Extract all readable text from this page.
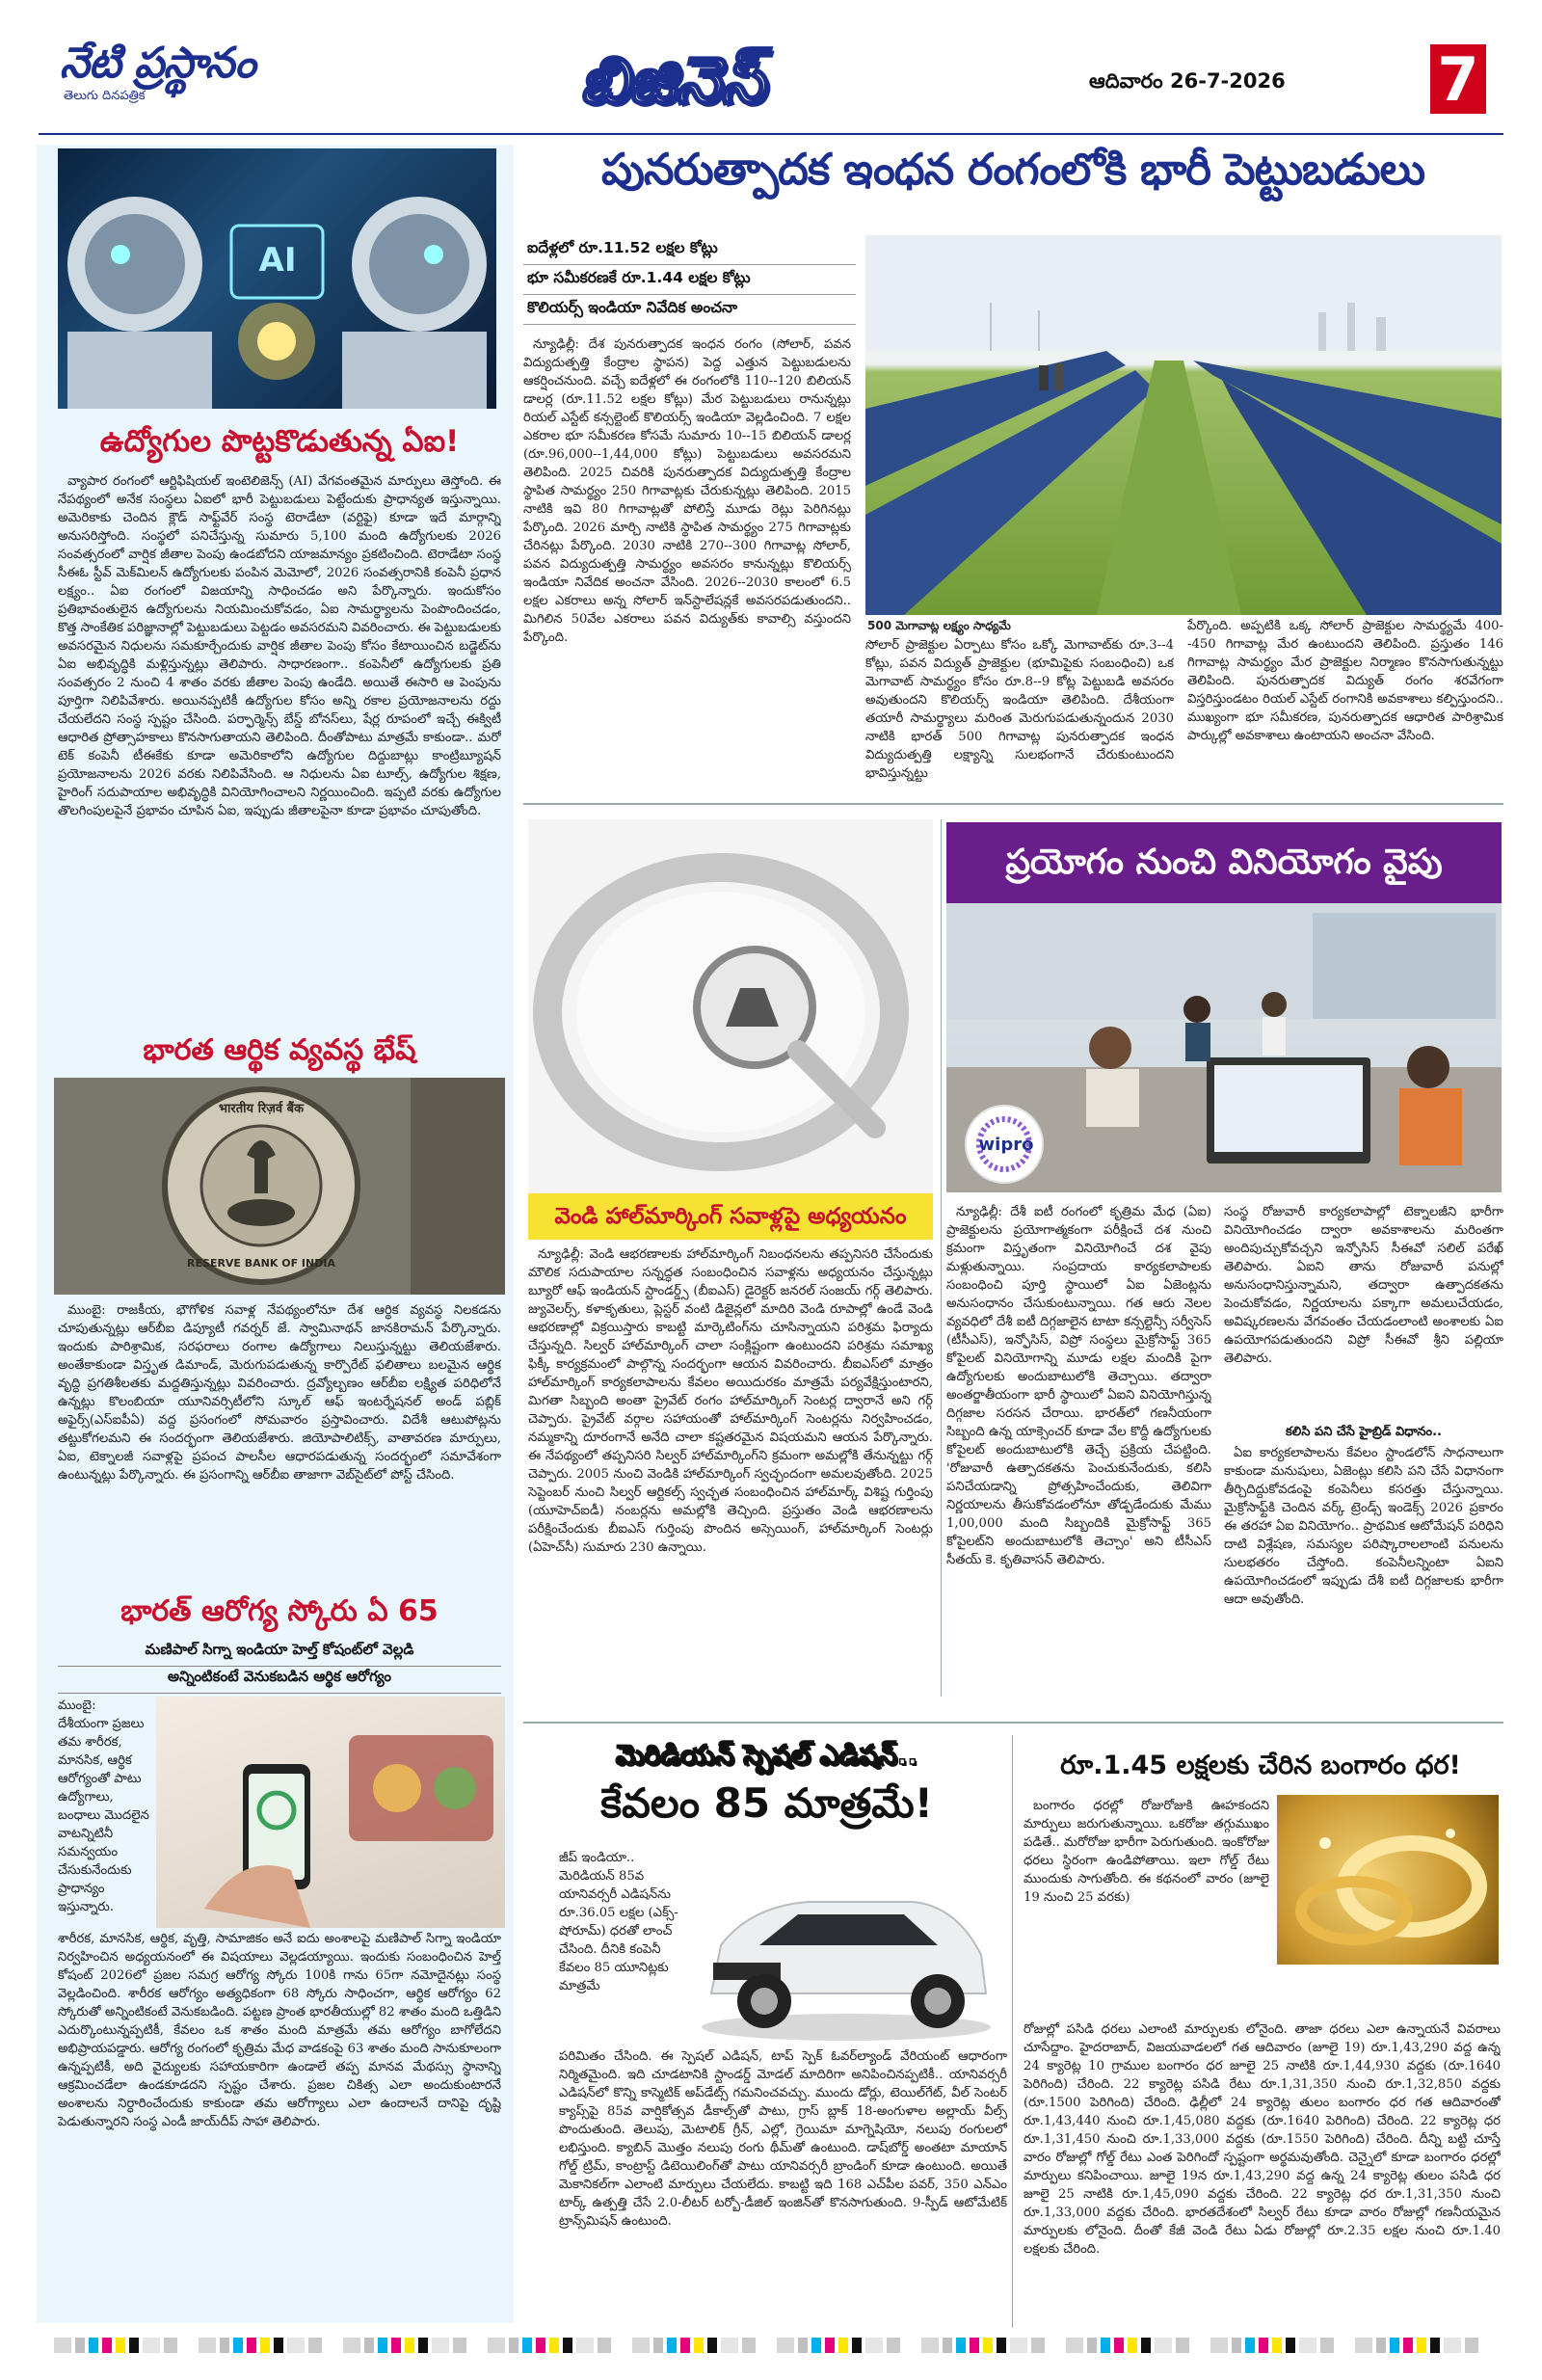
నేటి ప్రస్థానం
తెలుగు దినపత్రిక	బిజినెస్	ఆదివారం 26-7-2026	7
AI
ఉద్యోగుల పొట్టకొడుతున్న ఏఐ!

వ్యాపార రంగంలో ఆర్టిఫిషియల్ ఇంటెలిజెన్స్ (AI) వేగవంతమైన మార్పులు తెస్తోంది. ఈ నేపథ్యంలో అనేక సంస్థలు ఏఐలో భారీ పెట్టుబడులు పెట్టేందుకు ప్రాధాన్యత ఇస్తున్నాయి. అమెరికాకు చెందిన క్లౌడ్ సాఫ్ట్‌వేర్ సంస్థ టెరాడేటా (వర్టిఫై) కూడా ఇదే మార్గాన్ని అనుసరిస్తోంది. సంస్థలో పనిచేస్తున్న సుమారు 5,100 మంది ఉద్యోగులకు 2026 సంవత్సరంలో వార్షిక జీతాల పెంపు ఉండబోదని యాజమాన్యం ప్రకటించింది. టెరాడేటా సంస్థ సీఈఓ స్టీవ్ మెక్‌మిలన్ ఉద్యోగులకు పంపిన మెమోలో, 2026 సంవత్సరానికి కంపెనీ ప్రధాన లక్ష్యం.. ఏఐ రంగంలో విజయాన్ని సాధించడం అని పేర్కొన్నారు. ఇందుకోసం ప్రతిభావంతులైన ఉద్యోగులను నియమించుకోవడం, ఏఐ సామర్థ్యాలను పెంపొందించడం, కొత్త సాంకేతిక పరిజ్ఞానాల్లో పెట్టుబడులు పెట్టడం అవసరమని వివరించారు. ఈ పెట్టుబడులకు అవసరమైన నిధులను సమకూర్చేందుకు వార్షిక జీతాల పెంపు కోసం కేటాయించిన బడ్జెట్‌ను ఏఐ అభివృద్ధికి మళ్లిస్తున్నట్లు తెలిపారు. సాధారణంగా.. కంపెనీలో ఉద్యోగులకు ప్రతి సంవత్సరం 2 నుంచి 4 శాతం వరకు జీతాల పెంపు ఉండేది. అయితే ఈసారి ఆ పెంపును పూర్తిగా నిలిపివేశారు. అయినప్పటికీ ఉద్యోగుల కోసం అన్ని రకాల ప్రయోజనాలను రద్దు చేయలేదని సంస్థ స్పష్టం చేసింది. పర్ఫార్మెన్స్ బేస్డ్ బోనస్‌లు, షేర్ల రూపంలో ఇచ్చే ఈక్విటీ ఆధారిత ప్రోత్సాహకాలు కొనసాగుతాయని తెలిపింది. దీంతోపాటు మాత్రమే కాకుండా.. మరో టెక్ కంపెనీ టీఈకేకు కూడా అమెరికాలోని ఉద్యోగుల దిద్దుబాట్లు కాంట్రిబ్యూషన్ ప్రయోజనాలను 2026 వరకు నిలిపివేసింది. ఆ నిధులను ఏఐ టూల్స్, ఉద్యోగుల శిక్షణ, హైరింగ్ సదుపాయాల అభివృద్ధికి వినియోగించాలని నిర్ణయించింది. ఇప్పటి వరకు ఉద్యోగుల తొలగింపులపైనే ప్రభావం చూపిన ఏఐ, ఇప్పుడు జీతాలపైనా కూడా ప్రభావం చూపుతోంది.

భారత ఆర్థిక వ్యవస్థ భేష్
भारतीय रिज़र्व बैंक
RESERVE BANK OF INDIA

ముంబై: రాజకీయ, భౌగోళిక సవాళ్ల నేపథ్యంలోనూ దేశ ఆర్థిక వ్యవస్థ నిలకడను చూపుతున్నట్లు ఆర్‌బీఐ డిప్యూటీ గవర్నర్ జే. స్వామినాథన్ జానకిరామన్ పేర్కొన్నారు. ఇందుకు పారిశ్రామిక, సరఫరాలు రంగాల ఉద్యోగాలు నిలుస్తున్నట్టు తెలియజేశారు. అంతేకాకుండా విస్తృత డిమాండ్, మెరుగుపడుతున్న కార్పొరేట్ ఫలితాలు బలమైన ఆర్థిక వృద్ధి ప్రగతిశీలతకు మద్దతిస్తున్నట్లు వివరించారు. ద్రవ్యోల్బణం ఆర్‌బీఐ లక్ష్యిత పరిధిలోనే ఉన్నట్లు కొలంబియా యూనివర్సిటీలోని స్కూల్ ఆఫ్ ఇంటర్నేషనల్ అండ్ పబ్లిక్ అఫైర్స్(ఎస్‌ఐపీఏ) వద్ద ప్రసంగంలో సోమవారం ప్రస్తావించారు. విదేశీ ఆటుపోట్లను తట్టుకోగలమని ఈ సందర్భంగా తెలియజేశారు. జియోపాలిటిక్స్, వాతావరణ మార్పులు, ఏఐ, టెక్నాలజీ సవాళ్లపై ప్రపంచ పాలసీల ఆధారపడుతున్న సందర్భంలో సమావేశంగా ఉంటున్నట్లు పేర్కొన్నారు. ఈ ప్రసంగాన్ని ఆర్‌బీఐ తాజాగా వెబ్‌సైట్‌లో పోస్ట్ చేసింది.

భారత్ ఆరోగ్య స్కోరు ఏ 65
మణిపాల్ సిగ్నా ఇండియా హెల్త్ కోషంట్‌లో వెల్లడి
అన్నింటికంటే వెనుకబడిన ఆర్థిక ఆరోగ్యం

ముంబై: దేశీయంగా ప్రజలు తమ శారీరక, మానసిక, ఆర్థిక ఆరోగ్యంతో పాటు ఉద్యోగాలు, బంధాలు మొదలైన వాటన్నిటినీ సమన్వయం చేసుకునేందుకు ప్రాధాన్యం ఇస్తున్నారు.

శారీరక, మానసిక, ఆర్థిక, వృత్తి, సామాజికం అనే ఐదు అంశాలపై మణిపాల్ సిగ్నా ఇండియా నిర్వహించిన అధ్యయనంలో ఈ విషయాలు వెల్లడయ్యాయి. ఇందుకు సంబంధించిన హెల్త్ కోషంట్ 2026లో ప్రజల సమగ్ర ఆరోగ్య స్కోరు 100కి గాను 65గా నమోదైనట్లు సంస్థ వెల్లడించింది. శారీరక ఆరోగ్యం అత్యధికంగా 68 స్కోరు సాధించగా, ఆర్థిక ఆరోగ్యం 62 స్కోరుతో అన్నింటికంటే వెనుకబడింది. పట్టణ ప్రాంత భారతీయుల్లో 82 శాతం మంది ఒత్తిడిని ఎదుర్కొంటున్నప్పటికీ, కేవలం ఒక శాతం మంది మాత్రమే తమ ఆరోగ్యం బాగోలేదని అభిప్రాయపడ్డారు. ఆరోగ్య రంగంలో కృత్రిమ మేధ వాడకంపై 63 శాతం మంది సానుకూలంగా ఉన్నప్పటికీ, అది వైద్యులకు సహాయకారిగా ఉండాలే తప్ప మానవ మేథస్సు స్థానాన్ని ఆక్రమించడేలా ఉండకూడదని స్పష్టం చేశారు. ప్రజల చికిత్స ఎలా అందుకుంటారనే అంశాలను నిర్ధారించేందుకు కాకుండా తమ ఆరోగ్యాలు ఎలా ఉందాలనే దానిపై దృష్టి పెడుతున్నారని సంస్థ ఎండీ జాయ్‌దీప్ సాహా తెలిపారు.

పునరుత్పాదక ఇంధన రంగంలోకి భారీ పెట్టుబడులు
ఐదేళ్లలో రూ.11.52 లక్షల కోట్లు
భూ సమీకరణకే రూ.1.44 లక్షల కోట్లు
కొలియర్స్ ఇండియా నివేదిక అంచనా

న్యూఢిల్లీ: దేశ పునరుత్పాదక ఇంధన రంగం (సోలార్, పవన విద్యుదుత్పత్తి కేంద్రాల స్థాపన) పెద్ద ఎత్తున పెట్టుబడులను ఆకర్షించనుంది. వచ్చే ఐదేళ్లలో ఈ రంగంలోకి 110--120 బిలియన్ డాలర్ల (రూ.11.52 లక్షల కోట్లు) మేర పెట్టుబడులు రానున్నట్లు రియల్ ఎస్టేట్ కన్సల్టెంట్ కొలియర్స్ ఇండియా వెల్లడించింది. 7 లక్షల ఎకరాల భూ సమీకరణ కోసమే సుమారు 10--15 బిలియన్ డాలర్ల (రూ.96,000--1,44,000 కోట్లు) పెట్టుబడులు అవసరమని తెలిపింది. 2025 చివరికి పునరుత్పాదక విద్యుదుత్పత్తి కేంద్రాల స్థాపిత సామర్థ్యం 250 గిగావాట్లకు చేరుకున్నట్లు తెలిపింది. 2015 నాటికి ఇవి 80 గిగావాట్లతో పోలిస్తే మూడు రెట్లు పెరిగినట్లు పేర్కొంది. 2026 మార్చి నాటికి స్థాపిత సామర్థ్యం 275 గిగావాట్లకు చేరినట్లు పేర్కొంది. 2030 నాటికి 270--300 గిగావాట్ల సోలార్, పవన విద్యుదుత్పత్తి సామర్థ్యం అవసరం కానున్నట్లు కొలియర్స్ ఇండియా నివేదిక అంచనా వేసింది. 2026--2030 కాలంలో 6.5 లక్షల ఎకరాలు అన్న సోలార్ ఇన్‌స్టాలేషన్లకే అవసరపడుతుందని.. మిగిలిన 50వేల ఎకరాలు పవన విద్యుత్‌కు కావాల్సి వస్తుందని పేర్కొంది.

500 మెగావాట్ల లక్ష్యం సాధ్యమే

సోలార్ ప్రాజెక్టుల ఏర్పాటు కోసం ఒక్కో మెగావాట్‌కు రూ.3--4 కోట్లు, పవన విద్యుత్ ప్రాజెక్టుల (భూమిపైకు సంబంధించి) ఒక మెగావాట్ సామర్థ్యం కోసం రూ.8--9 కోట్ల పెట్టుబడి అవసరం అవుతుందని కొలియర్స్ ఇండియా తెలిపింది. దేశీయంగా తయారీ సామర్థ్యాలు మరింత మెరుగుపడుతున్నందున 2030 నాటికి భారత్ 500 గిగావాట్ల పునరుత్పాదక ఇంధన విద్యుదుత్పత్తి లక్ష్యాన్ని సులభంగానే చేరుకుంటుందని భావిస్తున్నట్టు

పేర్కొంది. అప్పటికి ఒక్క సోలార్ ప్రాజెక్టుల సామర్థ్యమే 400--450 గిగావాట్ల మేర ఉంటుందని తెలిపింది. ప్రస్తుతం 146 గిగావాట్ల సామర్థ్యం మేర ప్రాజెక్టుల నిర్మాణం కొనసాగుతున్నట్టు తెలిపింది. పునరుత్పాదక విద్యుత్ రంగం శరవేగంగా విస్తరిస్తుండటం రియల్ ఎస్టేట్ రంగానికి అవకాశాలు కల్పిస్తుందని.. ముఖ్యంగా భూ సమీకరణ, పునరుత్పాదక ఆధారిత పారిశ్రామిక పార్కుల్లో అవకాశాలు ఉంటాయని అంచనా వేసింది.

వెండి హాల్‌మార్కింగ్ సవాళ్లపై అధ్యయనం

న్యూఢిల్లీ: వెండి ఆభరణాలకు హాల్‌మార్కింగ్ నిబంధనలను తప్పనిసరి చేసేందుకు మౌలిక సదుపాయాల సన్నద్ధత సంబంధించిన సవాళ్లను అధ్యయనం చేస్తున్నట్లు బ్యూరో ఆఫ్ ఇండియన్ స్టాండర్డ్స్ (బీఐఎస్) డైరెక్టర్ జనరల్ సంజయ్ గర్గ్ తెలిపారు. జ్యువెలర్స్, కళాకృతులు, ప్లెస్టర్ వంటి డిజైన్లలో మాదిరి వెండి రూపాల్లో ఉండే వెండి ఆభరణాల్లో విక్రయిస్తారు కాబట్టి మార్కెటింగ్‌ను చూసిన్నాయని పరిశ్రమ ఫిర్యాదు చేస్తున్నది. సిల్వర్ హాల్‌మార్కింగ్ చాలా సంక్లిష్టంగా ఉంటుందని పరిశ్రమ సమాఖ్య ఫిక్కీ కార్యక్రమంలో పాల్గొన్న సందర్భంగా ఆయన వివరించారు. బీఐఎస్‌లో మాత్రం హాల్‌మార్కింగ్ కార్యకలాపాలను కేవలం అయిదురకం మాత్రమే పర్యవేక్షిస్తుంటారని, మిగతా సిబ్బంది అంతా ప్రైవేట్ రంగం హాల్‌మార్కింగ్ సెంటర్ల ద్వారానే అని గర్గ్ చెప్పారు. ప్రైవేట్ వర్గాల సహాయంతో హాల్‌మార్కింగ్ సెంటర్లను నిర్వహించడం, నమ్మకాన్ని దూరంగానే అనేది చాలా కష్టతరమైన విషయమని ఆయన పేర్కొన్నారు. ఈ నేపథ్యంలో తప్పనిసరి సిల్వర్ హాల్‌మార్కింగ్‌ని క్రమంగా అమల్లోకి తేనున్నట్టు గర్గ్ చెప్పారు. 2005 నుంచి వెండికి హాల్‌మార్కింగ్ స్వచ్ఛందంగా అమలవుతోంది. 2025 సెప్టెంబర్ నుంచి సిల్వర్ ఆర్టికల్స్ స్వచ్ఛత సంబంధించిన హాల్‌మార్క్ విశిష్ట గుర్తింపు (యూహెచ్‌ఐడీ) నంబర్లను అమల్లోకి తెచ్చింది. ప్రస్తుతం వెండి ఆభరణాలను పరీక్షించేందుకు బీఐఎస్ గుర్తింపు పొందిన అస్సెయింగ్, హాల్‌మార్కింగ్ సెంటర్లు (ఏహెచ్‌సీ) సుమారు 230 ఉన్నాయి.

ప్రయోగం నుంచి వినియోగం వైపు
wipro

న్యూఢిల్లీ: దేశీ ఐటీ రంగంలో కృత్రిమ మేధ (ఏఐ) ప్రాజెక్టులను ప్రయోగాత్మకంగా పరీక్షించే దశ నుంచి క్రమంగా విస్తృతంగా వినియోగించే దశ వైపు మళ్లుతున్నాయి. సంప్రదాయ కార్యకలాపాలకు సంబంధించి పూర్తి స్థాయిలో ఏఐ ఏజెంట్లను అనుసంధానం చేసుకుంటున్నాయి. గత ఆరు నెలల వ్యవధిలో దేశీ ఐటీ దిగ్గజాలైన టాటా కన్సల్టెన్సీ సర్వీసెస్ (టీసీఎస్), ఇన్ఫోసిస్, విప్రో సంస్థలు మైక్రోసాఫ్ట్ 365 కోపైలట్ వినియోగాన్ని మూడు లక్షల మందికి పైగా ఉద్యోగులకు అందుబాటులోకి తెచ్చాయి. తద్వారా అంతర్జాతీయంగా భారీ స్థాయిలో ఏఐని వినియోగిస్తున్న దిగ్గజాల సరసన చేరాయి. భారత్‌లో గణనీయంగా సిబ్బంది ఉన్న యాక్సెంచర్ కూడా వేల కొద్దీ ఉద్యోగులకు కోపైలట్ అందుబాటులోకి తెచ్చే ప్రక్రియ చేపట్టింది. 'రోజువారీ ఉత్పాదకతను పెంచుకునేందుకు, కలిసి పనిచేయడాన్ని ప్రోత్సహించేందుకు, తెలివిగా నిర్ణయాలను తీసుకోవడంలోనూ తోడ్పడేందుకు మేము 1,00,000 మంది సిబ్బందికి మైక్రోసాఫ్ట్ 365 కోపైలట్‌ని అందుబాటులోకి తెచ్చాం' అని టీసీఎస్ సీతయ్ కె. కృతివాసన్ తెలిపారు.

సంస్థ రోజువారీ కార్యకలాపాల్లో టెక్నాలజీని భారీగా వినియోగించడం ద్వారా అవకాశాలను మరింతగా అందిపుచ్చుకోవచ్చని ఇన్ఫోసిస్ సీఈవో సలిల్ పరేఖ్ తెలిపారు. ఏఐని తాను రోజువారీ పనుల్లో అనుసంధానిస్తున్నామని, తద్వారా ఉత్పాదకతను పెంచుకోవడం, నిర్ణయాలను పక్కాగా అమలుచేయడం, అవిష్కరణలను వేగవంతం చేయడంలాంటి అంశాలకు ఏఐ ఉపయోగపడుతుందని విప్రో సీఈవో శ్రీని పల్లియా తెలిపారు.

కలిసి పని చేసే హైబ్రిడ్ విధానం..

ఏఐ కార్యకలాపాలను కేవలం స్టాండలోన్ సాధనాలుగా కాకుండా మనుషులు, ఏజెంట్లు కలిసి పని చేసే విధానంగా తీర్చిదిద్దుకోవడంపై కంపెనీలు కసరత్తు చేస్తున్నాయి. మైక్రోసాఫ్ట్‌కి చెందిన వర్క్ ట్రెండ్స్ ఇండెక్స్ 2026 ప్రకారం ఈ తరహా ఏఐ వినియోగం.. ప్రాథమిక ఆటోమేషన్ పరిధిని దాటి విశ్లేషణ, సమస్యల పరిష్కారాలలాంటి పనులను సులభతరం చేస్తోంది. కంపెనీలన్నింటా ఏఐని ఉపయోగించడంలో ఇప్పుడు దేశీ ఐటీ దిగ్గజాలకు భారీగా ఆదా అవుతోంది.

మెరిడియన్ స్పెషల్ ఎడిషన్..
కేవలం 85 మాత్రమే!

జీప్ ఇండియా.. మెరిడియన్ 85వ యానివర్సరీ ఎడిషన్‌ను రూ.36.05 లక్షల (ఎక్స్-షోరూమ్) ధరతో లాంచ్ చేసింది. దీనికి కంపెనీ కేవలం 85 యూనిట్లకు మాత్రమే

పరిమితం చేసింది. ఈ స్పెషల్ ఎడిషన్, టాప్ స్పెక్ ఓవర్‌ల్యాండ్ వేరియంట్ ఆధారంగా నిర్మితమైంది. ఇది చూడటానికి స్టాండర్డ్ మోడల్ మాదిరిగా అనిపించినప్పటికీ.. యానివర్సరీ ఎడిషన్‌లో కొన్ని కాస్మెటిక్ అప్‌డేట్స్ గమనించవచ్చు. ముందు డోర్లు, టెయిల్‌గేట్, వీల్ సెంటర్ క్యాప్స్‌పై 85వ వార్షికోత్సవ డీకాల్స్‌తో పాటు, గ్రాస్ బ్లాక్ 18-అంగుళాల అల్లాయ్ వీల్స్ పొందుతుంది. తెలుపు, మెటాలిక్ గ్రీన్, ఎల్లో, గ్రెయిమా మాగ్నెషియో, నలుపు రంగులలో లభిస్తుంది. క్యాబిన్ మొత్తం నలుపు రంగు థీమ్‌తో ఉంటుంది. డాష్‌బోర్డ్ అంతటా మాయాన్ గోల్డ్ ట్రిమ్, కాంట్రాస్ట్ డిటెయిలింగ్‌తో పాటు యానివర్సరీ బ్రాండింగ్ కూడా ఉంటుంది. అయితే మెకానికల్‌గా ఎలాంటి మార్పులు చేయలేదు. కాబట్టి ఇది 168 ఎచ్‌పీల పవర్, 350 ఎన్ఎం టార్క్ ఉత్పత్తి చేసే 2.0-లీటర్ టర్బో-డీజిల్ ఇంజిన్‌తో కొనసాగుతుంది. 9-స్పీడ్ ఆటోమేటిక్ ట్రాన్స్‌మిషన్ ఉంటుంది.

రూ.1.45 లక్షలకు చేరిన బంగారం ధర!

బంగారం ధరల్లో రోజురోజుకి ఊహకందని మార్పులు జరుగుతున్నాయి. ఒకరోజు తగ్గుముఖం పడితే.. మరోరోజు భారీగా పెరుగుతుంది. ఇంకోరోజు ధరలు స్థిరంగా ఉండిపోతాయి. ఇలా గోల్డ్ రేటు ముందుకు సాగుతోంది. ఈ కథనంలో వారం (జూలై 19 నుంచి 25 వరకు)

రోజుల్లో పసిడి ధరలు ఎలాంటి మార్పులకు లోనైంది. తాజా ధరలు ఎలా ఉన్నాయనే వివరాలు చూసేద్దాం. హైదరాబాద్, విజయవాడలలో గత ఆదివారం (జూలై 19) రూ.1,43,290 వద్ద ఉన్న 24 క్యారెట్ల 10 గ్రాముల బంగారం ధర జూలై 25 నాటికి రూ.1,44,930 వద్దకు (రూ.1640 పెరిగింది) చేరింది. 22 క్యారెట్ల పసిడి రేటు రూ.1,31,350 నుంచి రూ.1,32,850 వద్దకు (రూ.1500 పెరిగింది) చేరింది. ఢిల్లీలో 24 క్యారెట్ల తులం బంగారం ధర గత ఆదివారంతో రూ.1,43,440 నుంచి రూ.1,45,080 వద్దకు (రూ.1640 పెరిగింది) చేరింది. 22 క్యారెట్ల ధర రూ.1,31,450 నుంచి రూ.1,33,000 వద్దకు (రూ.1550 పెరిగింది) చేరింది. దీన్ని బట్టి చూస్తే వారం రోజుల్లో గోల్డ్ రేటు ఎంత పెరిగిందో స్పష్టంగా అర్థమవుతోంది. చెన్నైలో కూడా బంగారం ధరల్లో మార్పులు కనిపించాయి. జూలై 19న రూ.1,43,290 వద్ద ఉన్న 24 క్యారెట్ల తులం పసిడి ధర జూలై 25 నాటికి రూ.1,45,090 వద్దకు చేరింది. 22 క్యారెట్ల ధర రూ.1,31,350 నుంచి రూ.1,33,000 వద్దకు చేరింది. భారతదేశంలో సిల్వర్ రేటు కూడా వారం రోజుల్లో గణనీయమైన మార్పులకు లోనైంది. దీంతో కేజీ వెండి రేటు ఏడు రోజుల్లో రూ.2.35 లక్షల నుంచి రూ.1.40 లక్షలకు చేరింది.
